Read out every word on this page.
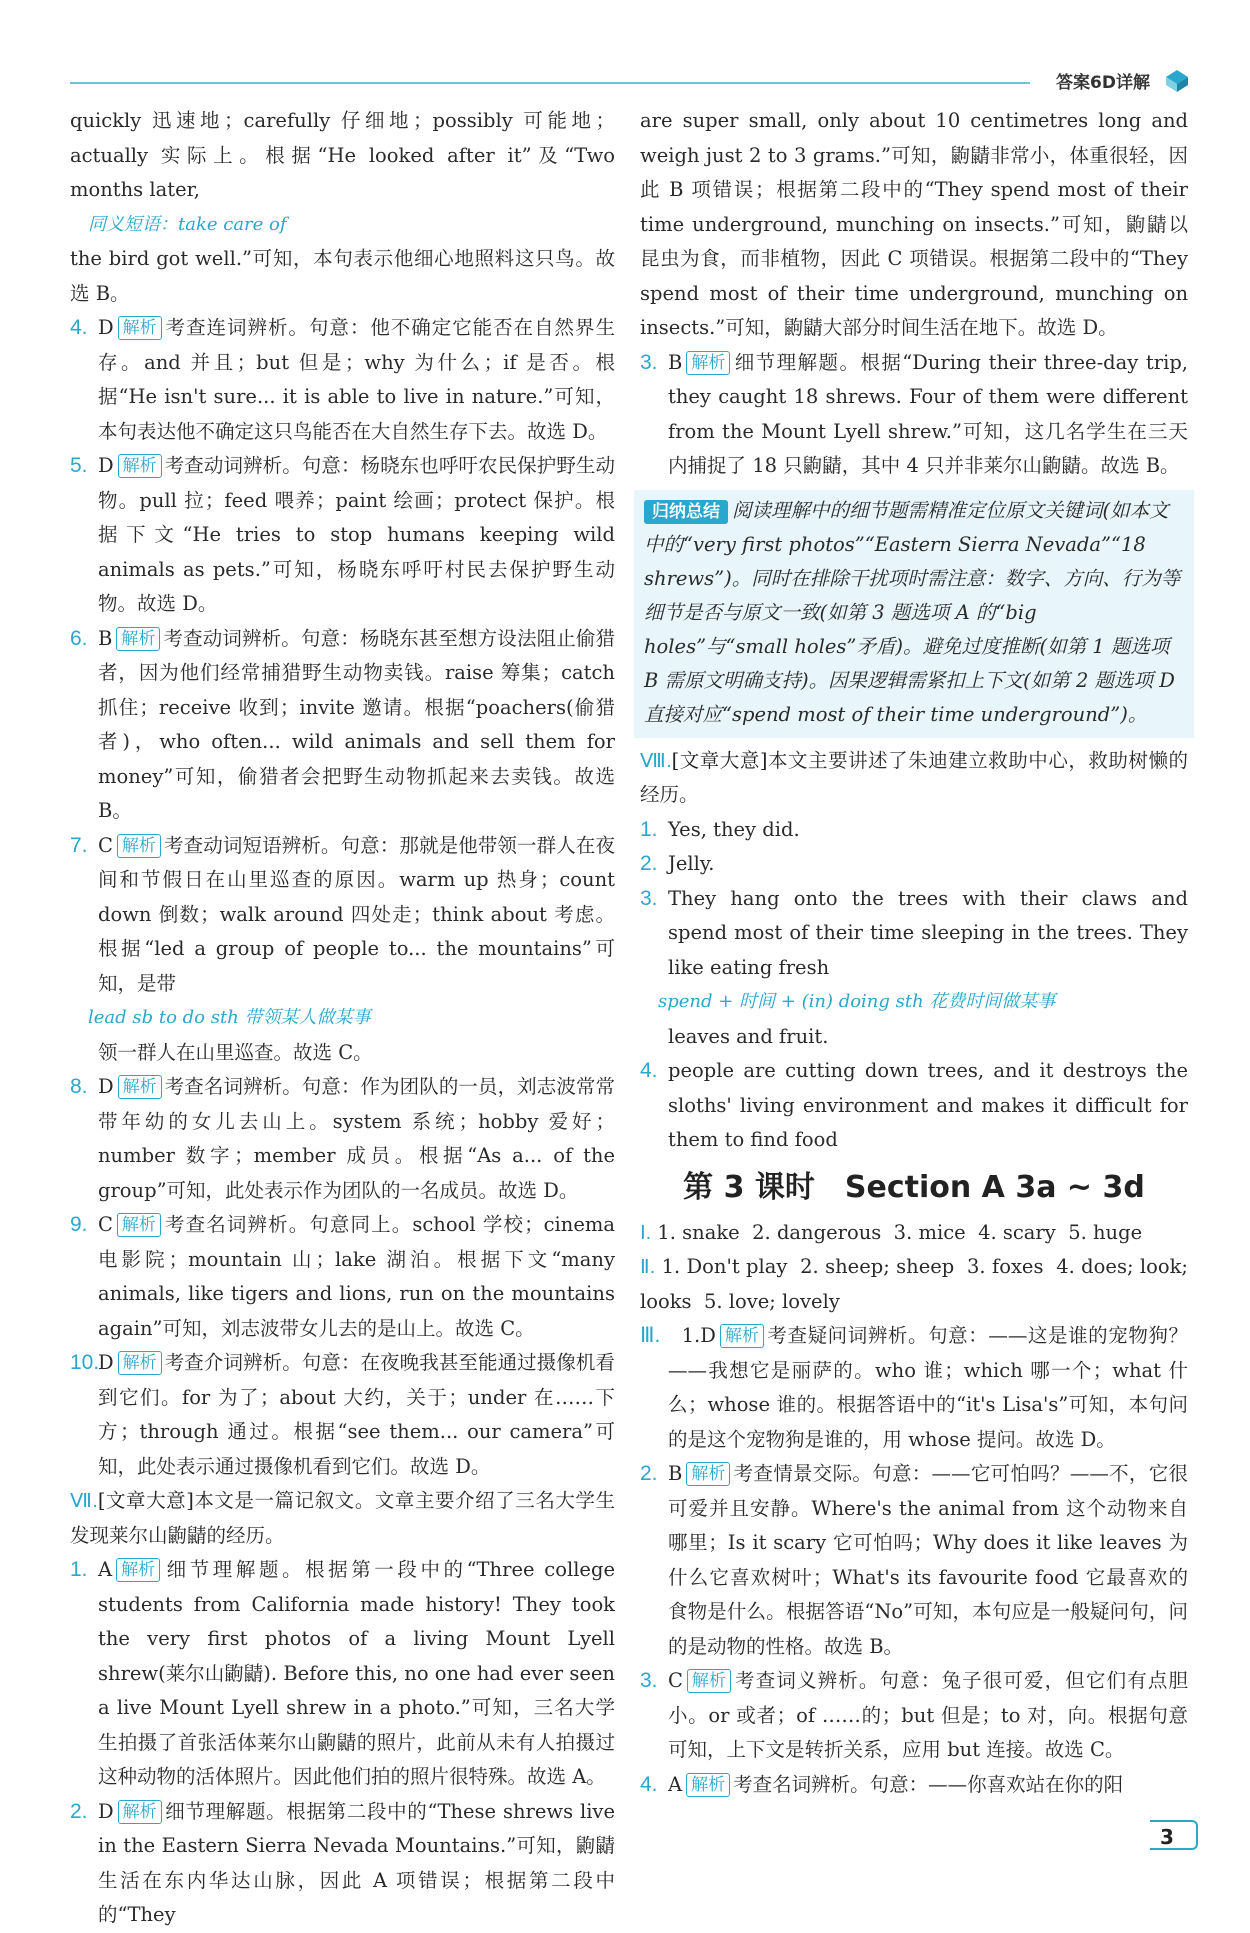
答案6D详解

quickly 迅速地；carefully 仔细地；possibly 可能地；actually 实际上。根据“He looked after it”及“Two months later,

同义短语：take care of

the bird got well.”可知，本句表示他细心地照料这只鸟。故选 B。

4. D 解析 考查连词辨析。句意：他不确定它能否在自然界生存。and 并且；but 但是；why 为什么；if 是否。根据“He isn't sure... it is able to live in nature.”可知，本句表达他不确定这只鸟能否在大自然生存下去。故选 D。

5. D 解析 考查动词辨析。句意：杨晓东也呼吁农民保护野生动物。pull 拉；feed 喂养；paint 绘画；protect 保护。根据下文“He tries to stop humans keeping wild animals as pets.”可知，杨晓东呼吁村民去保护野生动物。故选 D。

6. B 解析 考查动词辨析。句意：杨晓东甚至想方设法阻止偷猎者，因为他们经常捕猎野生动物卖钱。raise 筹集；catch 抓住；receive 收到；invite 邀请。根据“poachers(偷猎者)，who often... wild animals and sell them for money”可知，偷猎者会把野生动物抓起来去卖钱。故选 B。

7. C 解析 考查动词短语辨析。句意：那就是他带领一群人在夜间和节假日在山里巡查的原因。warm up 热身；count down 倒数；walk around 四处走；think about 考虑。根据“led a group of people to... the mountains”可知，是带

lead sb to do sth 带领某人做某事

领一群人在山里巡查。故选 C。

8. D 解析 考查名词辨析。句意：作为团队的一员，刘志波常常带年幼的女儿去山上。system 系统；hobby 爱好；number 数字；member 成员。根据“As a... of the group”可知，此处表示作为团队的一名成员。故选 D。

9. C 解析 考查名词辨析。句意同上。school 学校；cinema 电影院；mountain 山；lake 湖泊。根据下文“many animals, like tigers and lions, run on the mountains again”可知，刘志波带女儿去的是山上。故选 C。

10.
D 解析 考查介词辨析。句意：在夜晚我甚至能通过摄像机看到它们。for 为了；about 大约，关于；under 在……下方；through 通过。根据“see them... our camera”可知，此处表示通过摄像机看到它们。故选 D。

Ⅶ.[文章大意]本文是一篇记叙文。文章主要介绍了三名大学生发现莱尔山鼩鼱的经历。

1. A 解析 细节理解题。根据第一段中的“Three college students from California made history! They took the very first photos of a living Mount Lyell shrew(莱尔山鼩鼱). Before this, no one had ever seen a live Mount Lyell shrew in a photo.”可知，三名大学生拍摄了首张活体莱尔山鼩鼱的照片，此前从未有人拍摄过这种动物的活体照片。因此他们拍的照片很特殊。故选 A。

2. D 解析 细节理解题。根据第二段中的“These shrews live in the Eastern Sierra Nevada Mountains.”可知，鼩鼱生活在东内华达山脉，因此 A 项错误；根据第二段中的“They

are super small, only about 10 centimetres long and weigh just 2 to 3 grams.”可知，鼩鼱非常小，体重很轻，因此 B 项错误；根据第二段中的“They spend most of their time underground, munching on insects.”可知，鼩鼱以昆虫为食，而非植物，因此 C 项错误。根据第二段中的“They spend most of their time underground, munching on insects.”可知，鼩鼱大部分时间生活在地下。故选 D。

3. B 解析 细节理解题。根据“During their three-day trip, they caught 18 shrews. Four of them were different from the Mount Lyell shrew.”可知，这几名学生在三天内捕捉了 18 只鼩鼱，其中 4 只并非莱尔山鼩鼱。故选 B。

归纳总结 阅读理解中的细节题需精准定位原文关键词(如本文中的“very first photos”“Eastern Sierra Nevada”“18 shrews”)。同时在排除干扰项时需注意：数字、方向、行为等细节是否与原文一致(如第 3 题选项 A 的“big holes”与“small holes”矛盾)。避免过度推断(如第 1 题选项 B 需原文明确支持)。因果逻辑需紧扣上下文(如第 2 题选项 D 直接对应“spend most of their time underground”)。

Ⅷ.[文章大意]本文主要讲述了朱迪建立救助中心，救助树懒的经历。

1. Yes, they did.

2. Jelly.

3. They hang onto the trees with their claws and spend most of their time sleeping in the trees. They like eating fresh

spend + 时间 + (in) doing sth 花费时间做某事

leaves and fruit.

4. people are cutting down trees, and it destroys the sloths' living environment and makes it difficult for them to find food

第 3 课时　Section A 3a ~ 3d

Ⅰ. 1. snake 2. dangerous 3. mice 4. scary 5. huge

Ⅱ. 1. Don't play 2. sheep; sheep 3. foxes 4. does; look; looks 5. love; lovely

Ⅲ. 1.D 解析 考查疑问词辨析。句意：——这是谁的宠物狗？——我想它是丽萨的。who 谁；which 哪一个；what 什么；whose 谁的。根据答语中的“it's Lisa's”可知，本句问的是这个宠物狗是谁的，用 whose 提问。故选 D。

2. B 解析 考查情景交际。句意：——它可怕吗？——不，它很可爱并且安静。Where's the animal from 这个动物来自哪里；Is it scary 它可怕吗；Why does it like leaves 为什么它喜欢树叶；What's its favourite food 它最喜欢的食物是什么。根据答语“No”可知，本句应是一般疑问句，问的是动物的性格。故选 B。

3. C 解析 考查词义辨析。句意：兔子很可爱，但它们有点胆小。or 或者；of ……的；but 但是；to 对，向。根据句意可知，上下文是转折关系，应用 but 连接。故选 C。

4. A 解析 考查名词辨析。句意：——你喜欢站在你的阳

3
